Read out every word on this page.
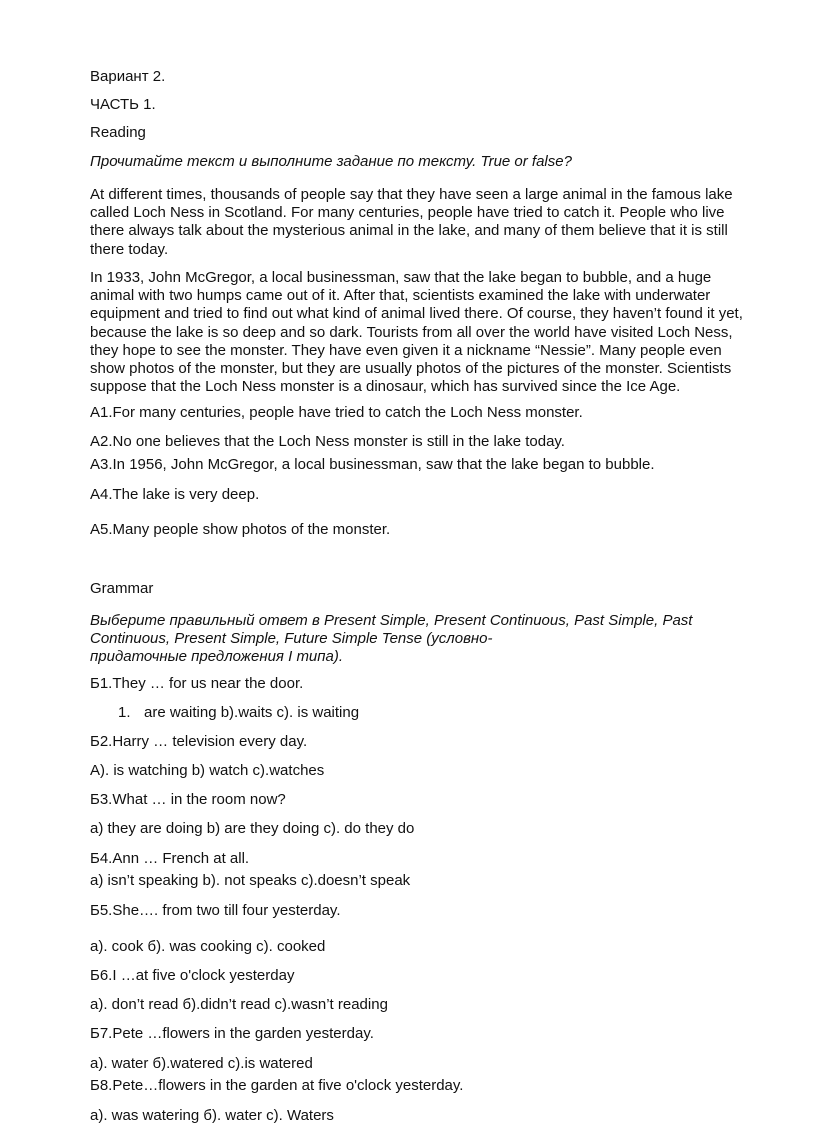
Вариант 2.
ЧАСТЬ 1.
Reading
Прочитайте текст и выполните задание по тексту. True or false?
At different times, thousands of people say that they have seen a large animal in the famous lake
called Loch Ness in Scotland. For many centuries, people have tried to catch it. People who live
there always talk about the mysterious animal in the lake, and many of them believe that it is still
there today.
In 1933, John McGregor, a local businessman, saw that the lake began to bubble, and a huge
animal with two humps came out of it. After that, scientists examined the lake with underwater
equipment and tried to find out what kind of animal lived there. Of course, they haven’t found it yet,
because the lake is so deep and so dark. Tourists from all over the world have visited Loch Ness,
they hope to see the monster. They have even given it a nickname “Nessie”. Many people even
show photos of the monster, but they are usually photos of the pictures of the monster. Scientists
suppose that the Loch Ness monster is a dinosaur, which has survived since the Ice Age.
A1.For many centuries, people have tried to catch the Loch Ness monster.
A2.No one believes that the Loch Ness monster is still in the lake today.
A3.In 1956, John McGregor, a local businessman, saw that the lake began to bubble.
A4.The lake is very deep.
A5.Many people show photos of the monster.
Grammar
Выберите правильный ответ в Present Simple, Present Continuous, Past Simple, Past
Continuous, Present Simple, Future Simple Tense (условно-
придаточные предложения I типа).
Б1.They … for us near the door.
1. are waiting b).waits c). is waiting
Б2.Harry … television every day.
A). is watching b) watch c).watches
Б3.What … in the room now?
a) they are doing b) are they doing c). do they do
Б4.Ann … French at all.
a) isn’t speaking b). not speaks c).doesn’t speak
Б5.She…. from two till four yesterday.
a). cook б). was cooking c). cooked
Б6.I …at five o'clock yesterday
a). don’t read б).didn’t read c).wasn’t reading
Б7.Pete …flowers in the garden yesterday.
a). water б).watered c).is watered
Б8.Pete…flowers in the garden at five o'clock yesterday.
a). was watering б). water c). Waters
